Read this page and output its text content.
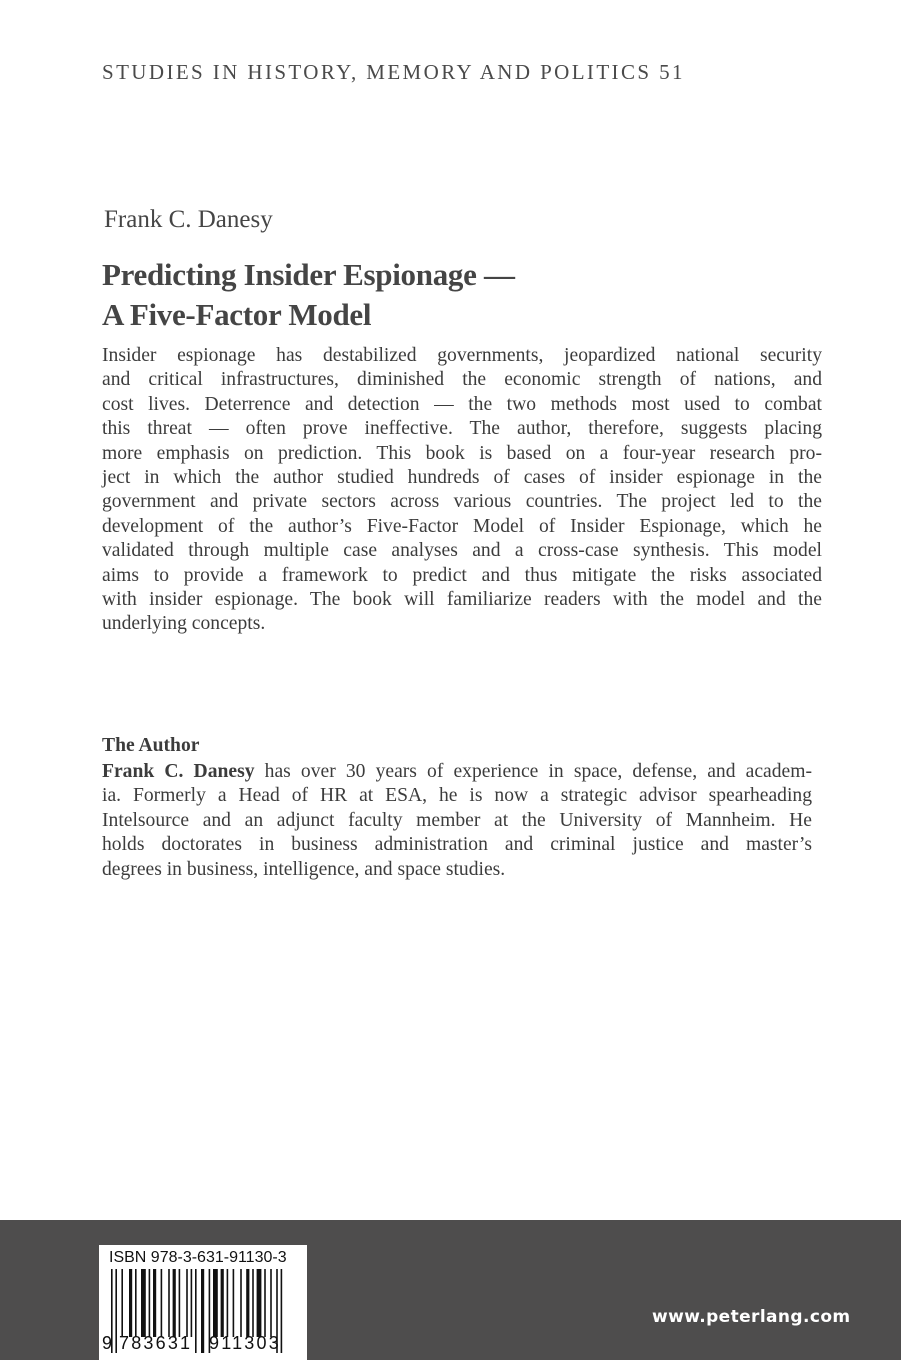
STUDIES IN HISTORY, MEMORY AND POLITICS 51
Frank C. Danesy
Predicting Insider Espionage —
A Five-Factor Model
Insider espionage has destabilized governments, jeopardized national security
and critical infrastructures, diminished the economic strength of nations, and
cost lives. Deterrence and detection — the two methods most used to combat
this threat — often prove ineffective. The author, therefore, suggests placing
more emphasis on prediction. This book is based on a four-year research pro-
ject in which the author studied hundreds of cases of insider espionage in the
government and private sectors across various countries. The project led to the
development of the author’s Five-Factor Model of Insider Espionage, which he
validated through multiple case analyses and a cross-case synthesis. This model
aims to provide a framework to predict and thus mitigate the risks associated
with insider espionage. The book will familiarize readers with the model and the
underlying concepts.
The Author
Frank C. Danesy has over 30 years of experience in space, defense, and academ-
ia. Formerly a Head of HR at ESA, he is now a strategic advisor spearheading
Intelsource and an adjunct faculty member at the University of Mannheim. He
holds doctorates in business administration and criminal justice and master’s
degrees in business, intelligence, and space studies.
ISBN 978-3-631-91130-3
9 783631 911303
www.peterlang.com
